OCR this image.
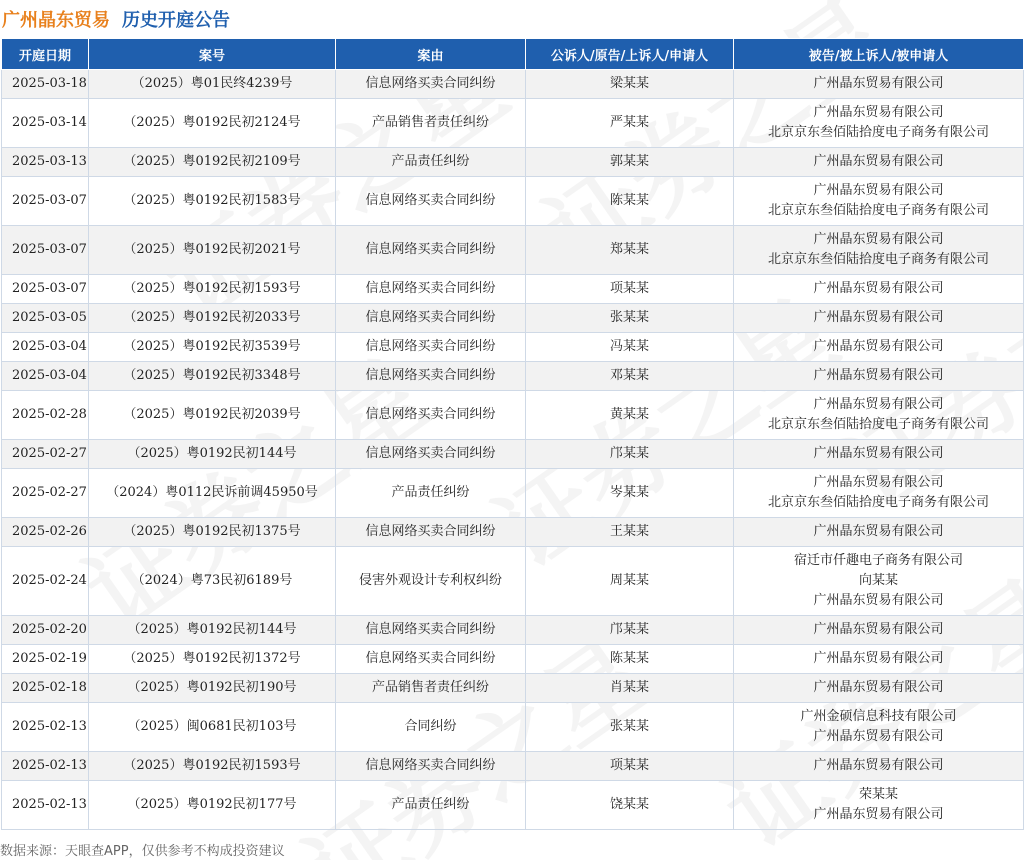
广州晶东贸易 历史开庭公告
开庭日期	案号	案由	公诉人/原告/上诉人/申请人	被告/被上诉人/被申请人
2025-03-18	（2025）粤01民终4239号	信息网络买卖合同纠纷	梁某某	广州晶东贸易有限公司

2025-03-14	（2025）粤0192民初2124号	产品销售者责任纠纷	严某某	广州晶东贸易有限公司
北京京东叁佰陆拾度电子商务有限公司

2025-03-13	（2025）粤0192民初2109号	产品责任纠纷	郭某某	广州晶东贸易有限公司

2025-03-07	（2025）粤0192民初1583号	信息网络买卖合同纠纷	陈某某	广州晶东贸易有限公司
北京京东叁佰陆拾度电子商务有限公司

2025-03-07	（2025）粤0192民初2021号	信息网络买卖合同纠纷	郑某某	广州晶东贸易有限公司
北京京东叁佰陆拾度电子商务有限公司

2025-03-07	（2025）粤0192民初1593号	信息网络买卖合同纠纷	项某某	广州晶东贸易有限公司

2025-03-05	（2025）粤0192民初2033号	信息网络买卖合同纠纷	张某某	广州晶东贸易有限公司

2025-03-04	（2025）粤0192民初3539号	信息网络买卖合同纠纷	冯某某	广州晶东贸易有限公司

2025-03-04	（2025）粤0192民初3348号	信息网络买卖合同纠纷	邓某某	广州晶东贸易有限公司

2025-02-28	（2025）粤0192民初2039号	信息网络买卖合同纠纷	黄某某	广州晶东贸易有限公司
北京京东叁佰陆拾度电子商务有限公司

2025-02-27	（2025）粤0192民初144号	信息网络买卖合同纠纷	邝某某	广州晶东贸易有限公司

2025-02-27	（2024）粤0112民诉前调45950号	产品责任纠纷	岑某某	广州晶东贸易有限公司
北京京东叁佰陆拾度电子商务有限公司

2025-02-26	（2025）粤0192民初1375号	信息网络买卖合同纠纷	王某某	广州晶东贸易有限公司

2025-02-24	（2024）粤73民初6189号	侵害外观设计专利权纠纷	周某某	宿迁市仟趣电子商务有限公司
向某某
广州晶东贸易有限公司

2025-02-20	（2025）粤0192民初144号	信息网络买卖合同纠纷	邝某某	广州晶东贸易有限公司

2025-02-19	（2025）粤0192民初1372号	信息网络买卖合同纠纷	陈某某	广州晶东贸易有限公司

2025-02-18	（2025）粤0192民初190号	产品销售者责任纠纷	肖某某	广州晶东贸易有限公司

2025-02-13	（2025）闽0681民初103号	合同纠纷	张某某	广州金硕信息科技有限公司
广州晶东贸易有限公司

2025-02-13	（2025）粤0192民初1593号	信息网络买卖合同纠纷	项某某	广州晶东贸易有限公司

2025-02-13	（2025）粤0192民初177号	产品责任纠纷	饶某某	荣某某
广州晶东贸易有限公司
数据来源：天眼查APP，仅供参考不构成投资建议
